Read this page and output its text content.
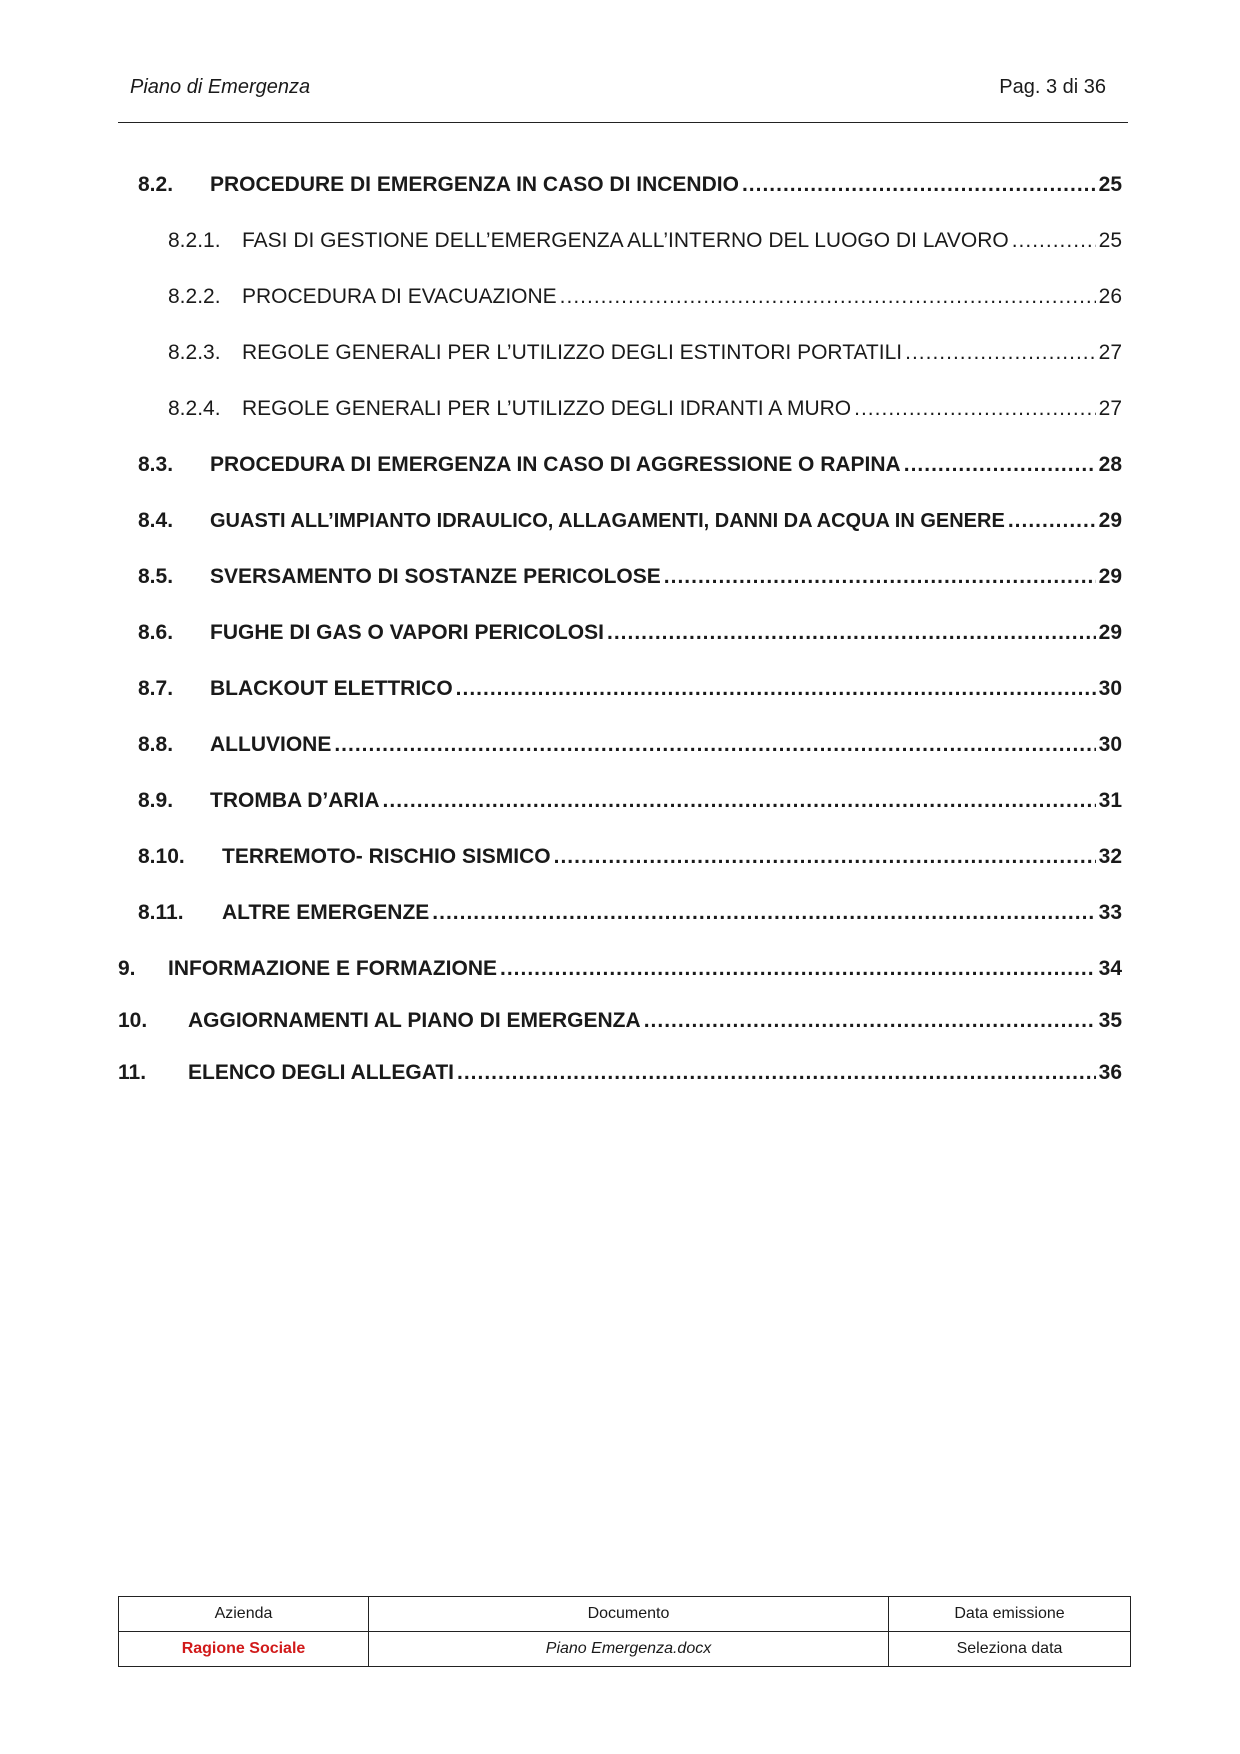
Piano di Emergenza	Pag. 3 di 36
8.2.	PROCEDURE DI EMERGENZA IN CASO DI INCENDIO .....	25
8.2.1.	FASI DI GESTIONE DELL’EMERGENZA ALL’INTERNO DEL LUOGO DI LAVORO .....	25
8.2.2.	PROCEDURA DI EVACUAZIONE .....	26
8.2.3.	REGOLE GENERALI PER L’UTILIZZO DEGLI ESTINTORI PORTATILI .....	27
8.2.4.	REGOLE GENERALI PER L’UTILIZZO DEGLI IDRANTI A MURO .....	27
8.3.	PROCEDURA DI EMERGENZA IN CASO DI AGGRESSIONE O RAPINA .....	28
8.4.	GUASTI ALL’IMPIANTO IDRAULICO, ALLAGAMENTI, DANNI DA ACQUA IN GENERE .....	29
8.5.	SVERSAMENTO DI SOSTANZE PERICOLOSE .....	29
8.6.	FUGHE DI GAS O VAPORI PERICOLOSI .....	29
8.7.	BLACKOUT ELETTRICO .....	30
8.8.	ALLUVIONE .....	30
8.9.	TROMBA D’ARIA .....	31
8.10.	TERREMOTO- RISCHIO SISMICO .....	32
8.11.	ALTRE EMERGENZE .....	33
9.	INFORMAZIONE E FORMAZIONE .....	34
10.	AGGIORNAMENTI AL PIANO DI EMERGENZA .....	35
11.	ELENCO DEGLI ALLEGATI .....	36
Azienda	Documento	Data emissione
Ragione Sociale	Piano Emergenza.docx	Seleziona data
